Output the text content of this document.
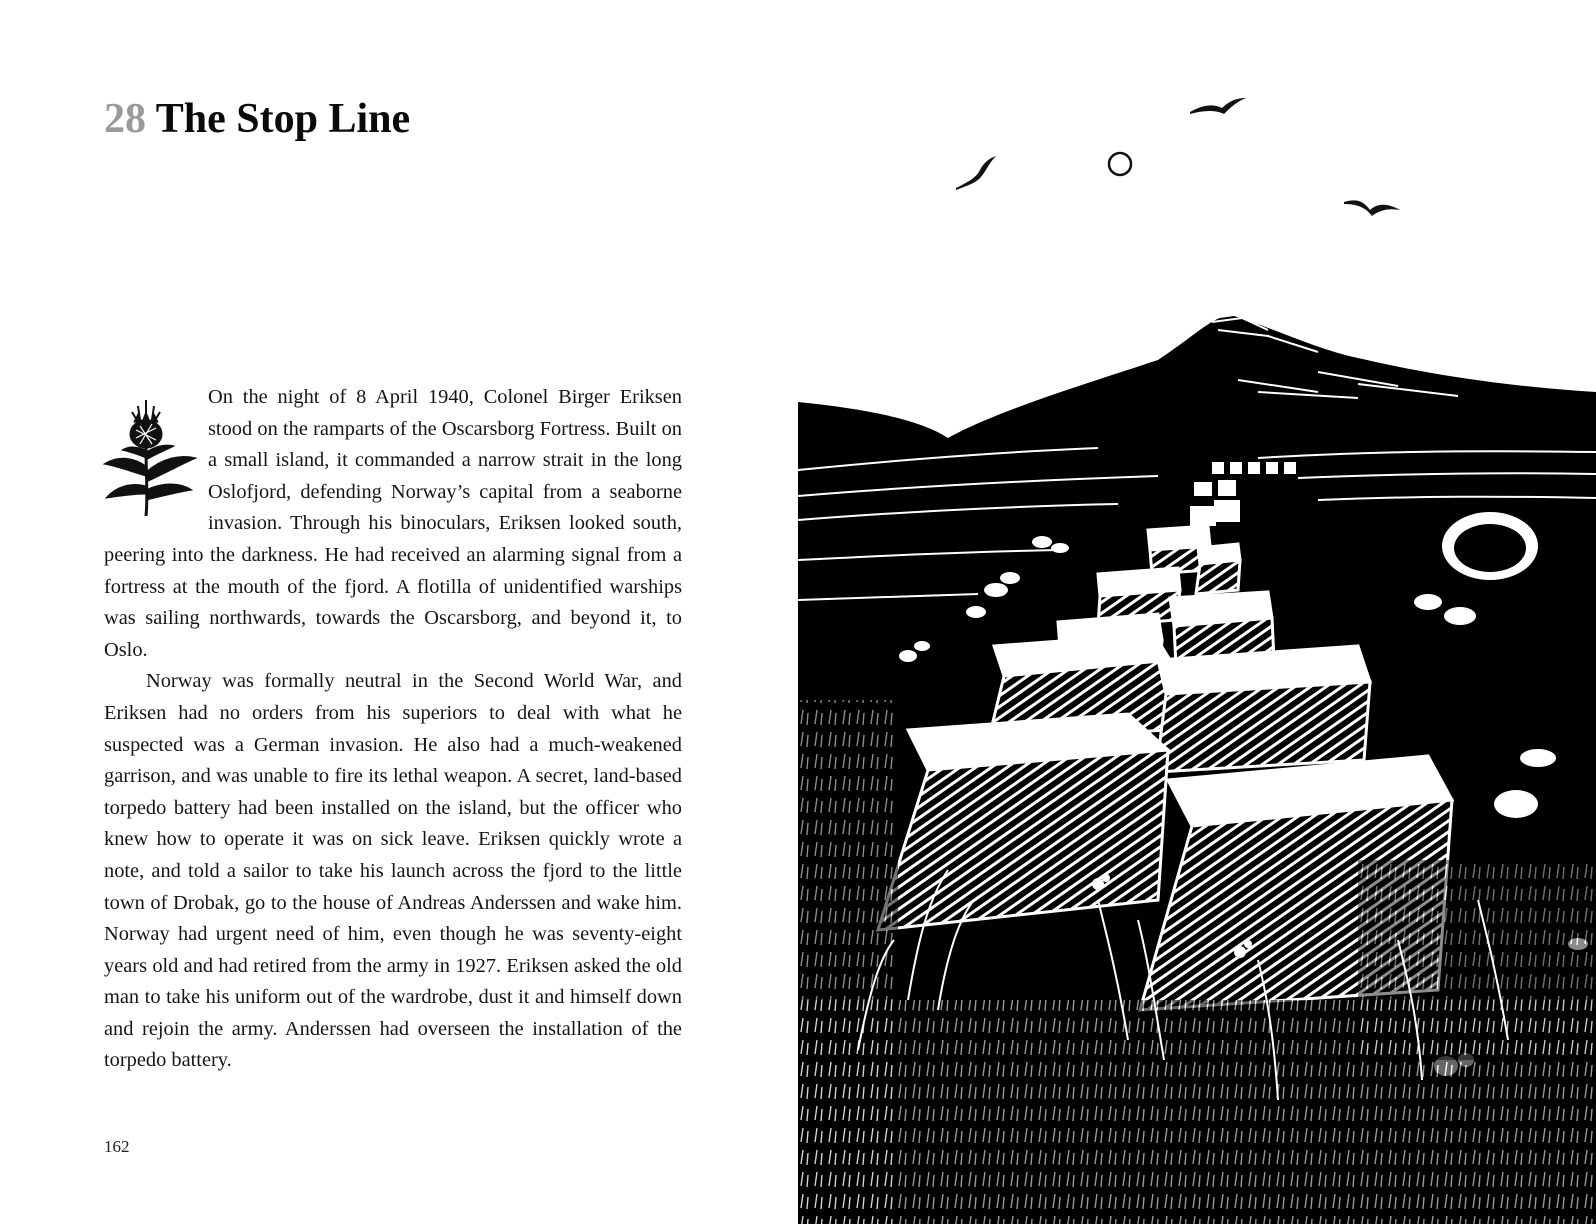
28 The Stop Line

On the night of 8 April 1940, Colonel Birger Eriksen stood on the ramparts of the Oscarsborg Fortress. Built on a small island, it commanded a narrow strait in the long Oslofjord, defending Norway’s capital from a seaborne invasion. Through his binoculars, Eriksen looked south, peering into the darkness. He had received an alarming signal from a fortress at the mouth of the fjord. A flotilla of unidentified warships was sailing northwards, towards the Oscarsborg, and beyond it, to Oslo.

Norway was formally neutral in the Second World War, and Eriksen had no orders from his superiors to deal with what he suspected was a German invasion. He also had a much-weakened garrison, and was unable to fire its lethal weapon. A secret, land-based torpedo battery had been installed on the island, but the officer who knew how to operate it was on sick leave. Eriksen quickly wrote a note, and told a sailor to take his launch across the fjord to the little town of Drobak, go to the house of Andreas Anderssen and wake him. Norway had urgent need of him, even though he was seventy-eight years old and had retired from the army in 1927. Eriksen asked the old man to take his uniform out of the wardrobe, dust it and himself down and rejoin the army. Anderssen had overseen the installation of the torpedo battery.

162
